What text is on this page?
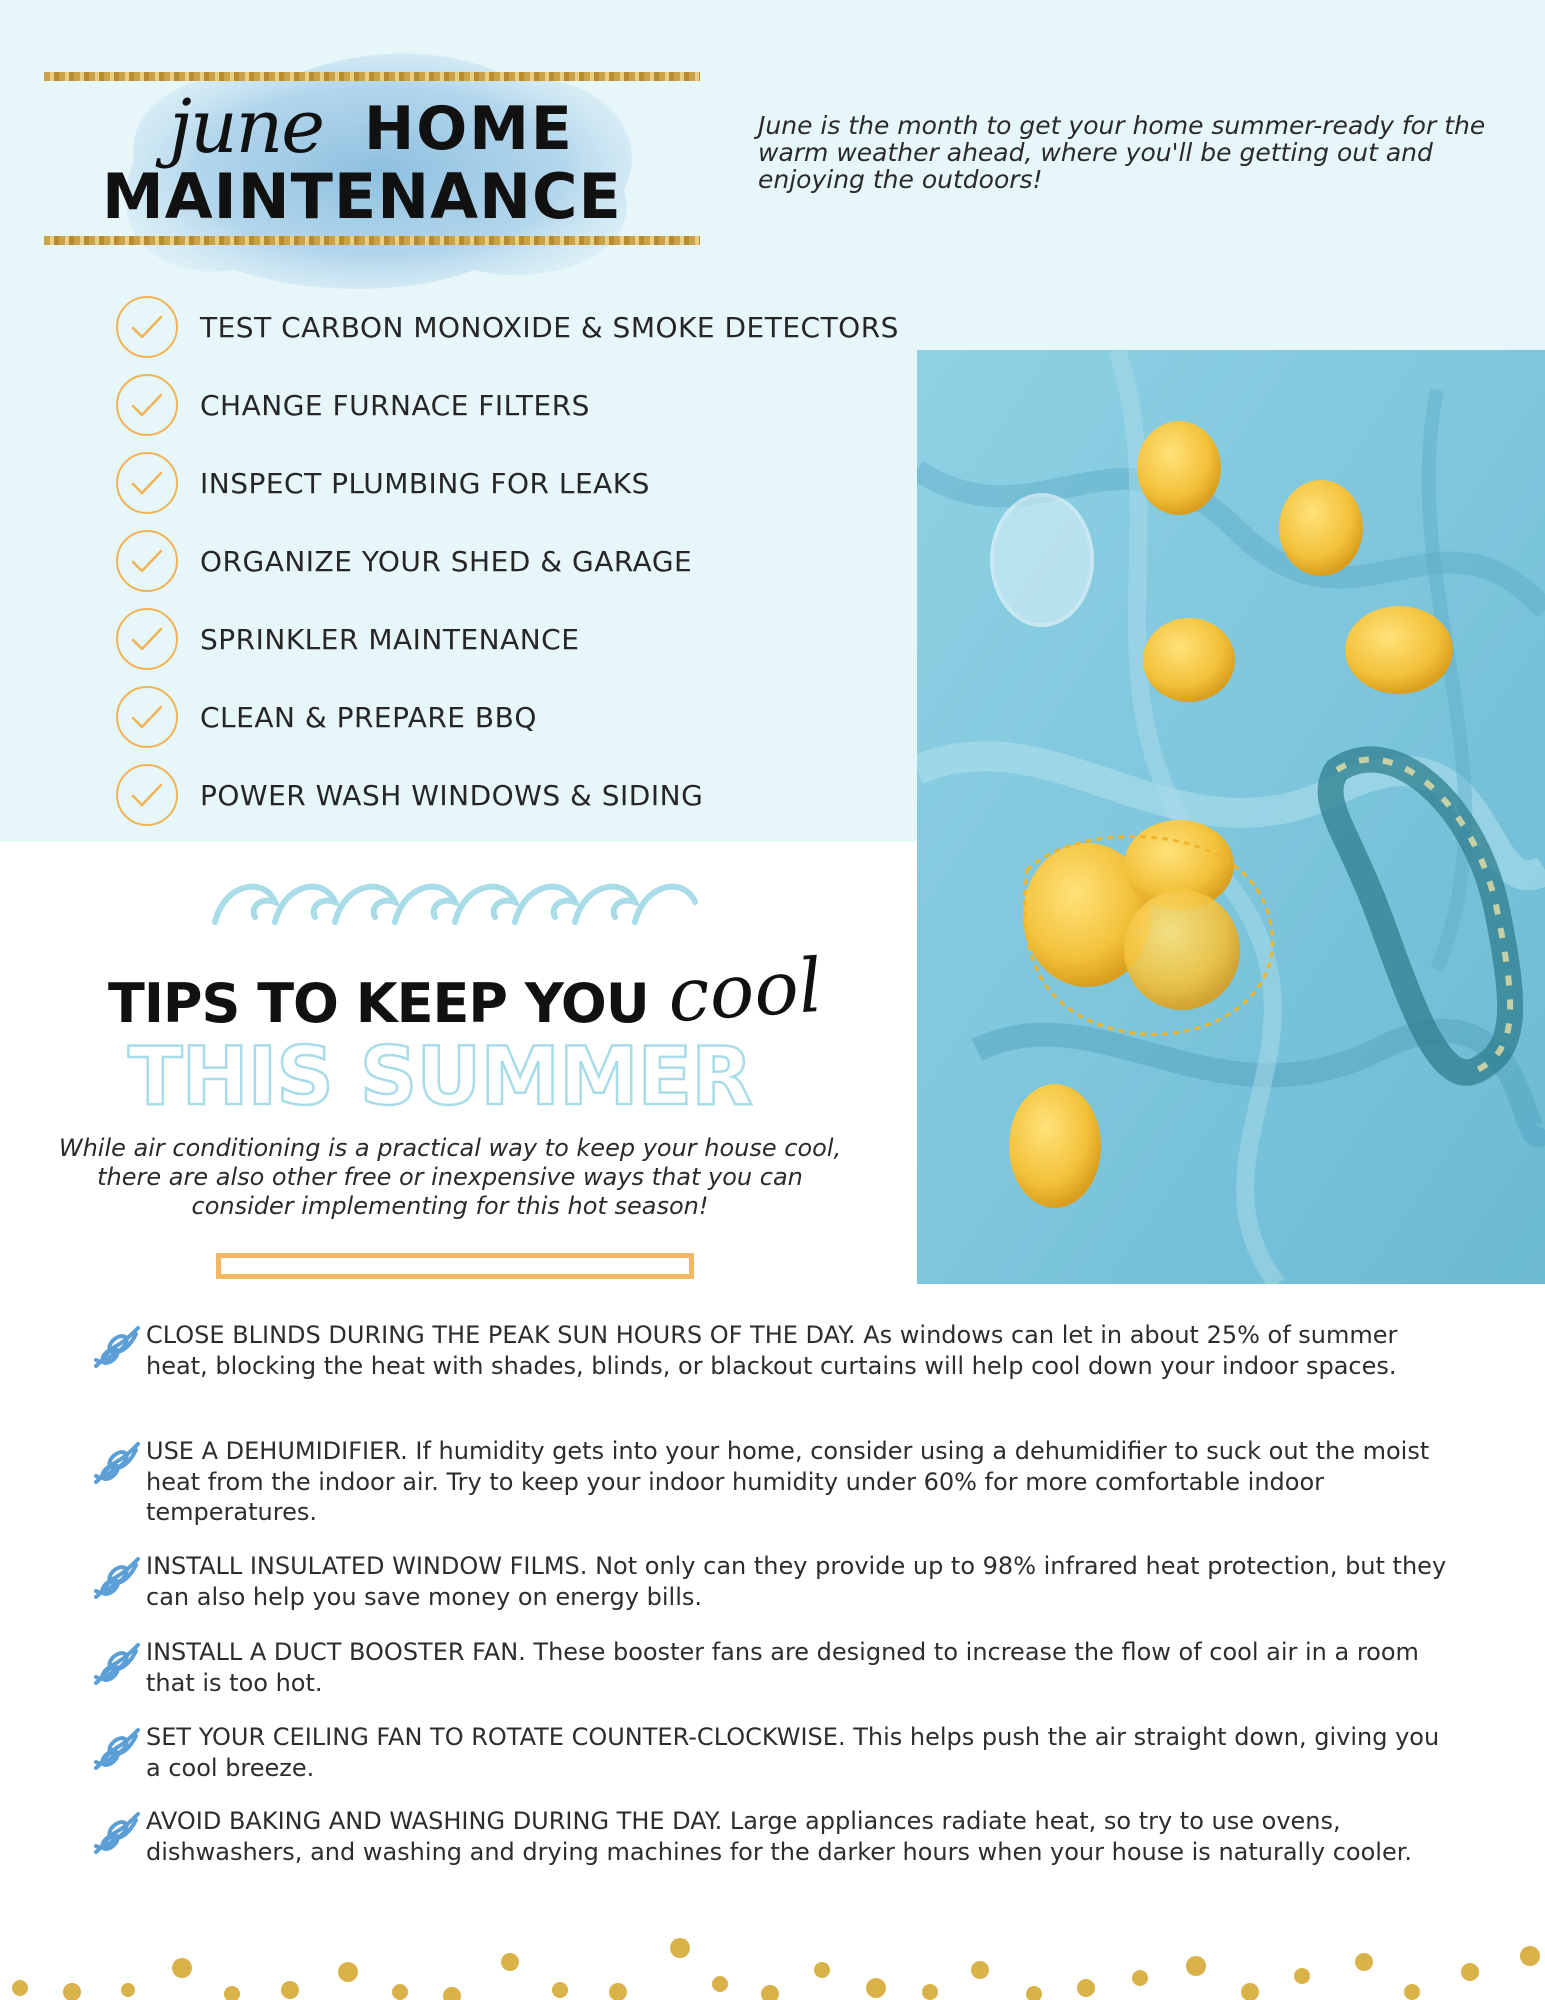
june HOME
MAINTENANCE
June is the month to get your home summer-ready for the warm weather ahead, where you'll be getting out and enjoying the outdoors!
TEST CARBON MONOXIDE & SMOKE DETECTORS
CHANGE FURNACE FILTERS
INSPECT PLUMBING FOR LEAKS
ORGANIZE YOUR SHED & GARAGE
SPRINKLER MAINTENANCE
CLEAN & PREPARE BBQ
POWER WASH WINDOWS & SIDING
TIPS TO KEEP YOU cool
THIS SUMMER
While air conditioning is a practical way to keep your house cool, there are also other free or inexpensive ways that you can consider implementing for this hot season!
CLOSE BLINDS DURING THE PEAK SUN HOURS OF THE DAY. As windows can let in about 25% of summer heat, blocking the heat with shades, blinds, or blackout curtains will help cool down your indoor spaces.
USE A DEHUMIDIFIER. If humidity gets into your home, consider using a dehumidifier to suck out the moist heat from the indoor air. Try to keep your indoor humidity under 60% for more comfortable indoor temperatures.
INSTALL INSULATED WINDOW FILMS. Not only can they provide up to 98% infrared heat protection, but they can also help you save money on energy bills.
INSTALL A DUCT BOOSTER FAN. These booster fans are designed to increase the flow of cool air in a room that is too hot.
SET YOUR CEILING FAN TO ROTATE COUNTER-CLOCKWISE. This helps push the air straight down, giving you a cool breeze.
AVOID BAKING AND WASHING DURING THE DAY. Large appliances radiate heat, so try to use ovens, dishwashers, and washing and drying machines for the darker hours when your house is naturally cooler.
